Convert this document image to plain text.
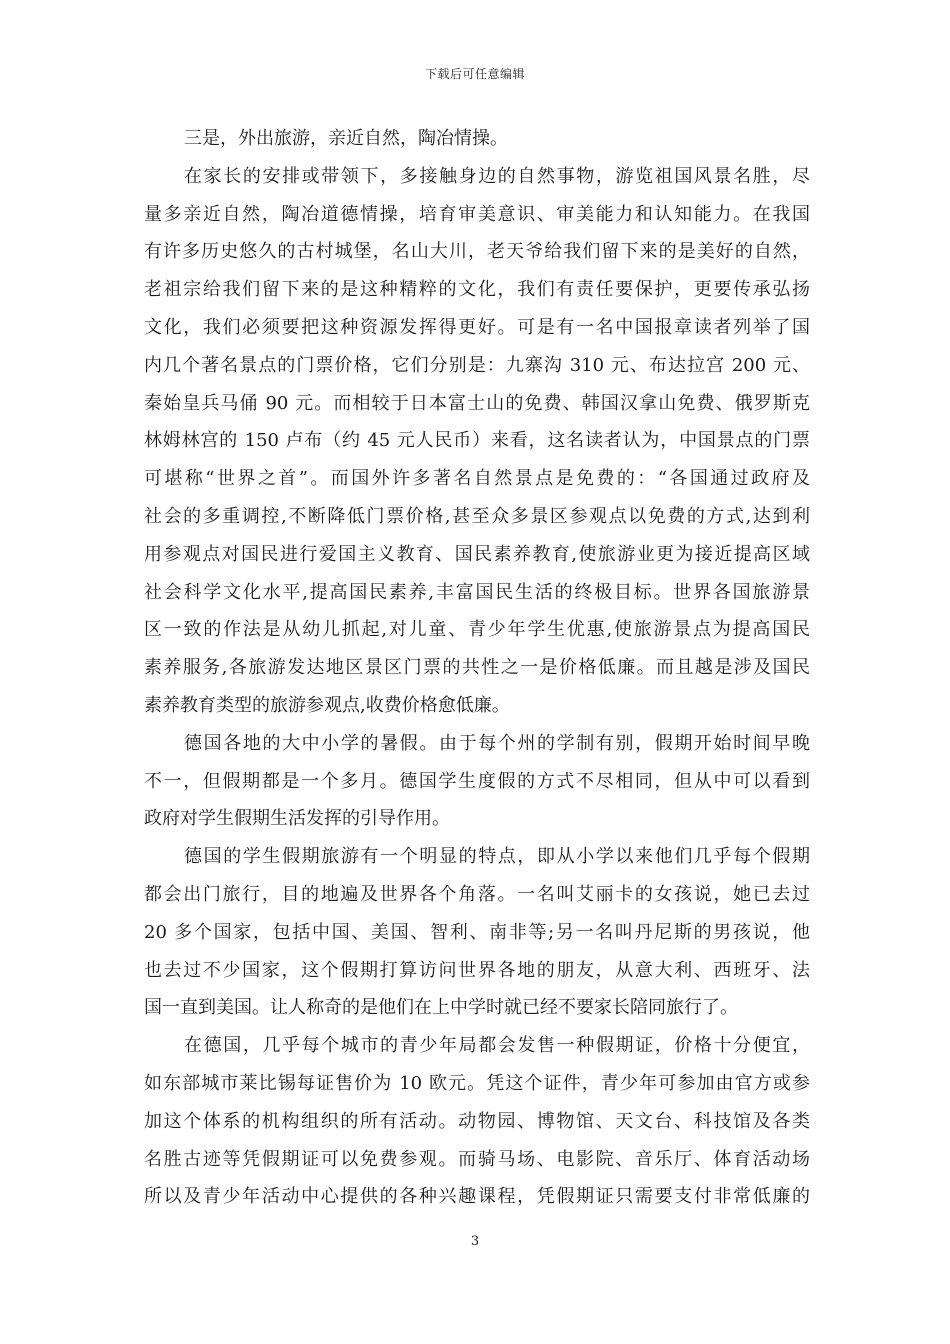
下载后可任意编辑
三是，外出旅游，亲近自然，陶冶情操。
在家长的安排或带领下，多接触身边的自然事物，游览祖国风景名胜，尽
量多亲近自然，陶冶道德情操，培育审美意识、审美能力和认知能力。在我国
有许多历史悠久的古村城堡，名山大川，老天爷给我们留下来的是美好的自然，
老祖宗给我们留下来的是这种精粹的文化，我们有责任要保护，更要传承弘扬
文化，我们必须要把这种资源发挥得更好。可是有一名中国报章读者列举了国
内几个著名景点的门票价格，它们分别是：九寨沟 310 元、布达拉宫 200 元、
秦始皇兵马俑 90 元。而相较于日本富士山的免费、韩国汉拿山免费、俄罗斯克
林姆林宫的 150 卢布（约 45 元人民币）来看，这名读者认为，中国景点的门票
可堪称“世界之首”。而国外许多著名自然景点是免费的：“各国通过政府及
社会的多重调控,不断降低门票价格,甚至众多景区参观点以免费的方式,达到利
用参观点对国民进行爱国主义教育、国民素养教育,使旅游业更为接近提高区域
社会科学文化水平,提高国民素养,丰富国民生活的终极目标。世界各国旅游景
区一致的作法是从幼儿抓起,对儿童、青少年学生优惠,使旅游景点为提高国民
素养服务,各旅游发达地区景区门票的共性之一是价格低廉。而且越是涉及国民
素养教育类型的旅游参观点,收费价格愈低廉。
德国各地的大中小学的暑假。由于每个州的学制有别，假期开始时间早晚
不一，但假期都是一个多月。德国学生度假的方式不尽相同，但从中可以看到
政府对学生假期生活发挥的引导作用。
德国的学生假期旅游有一个明显的特点，即从小学以来他们几乎每个假期
都会出门旅行，目的地遍及世界各个角落。一名叫艾丽卡的女孩说，她已去过
20 多个国家，包括中国、美国、智利、南非等;另一名叫丹尼斯的男孩说，他
也去过不少国家，这个假期打算访问世界各地的朋友，从意大利、西班牙、法
国一直到美国。让人称奇的是他们在上中学时就已经不要家长陪同旅行了。
在德国，几乎每个城市的青少年局都会发售一种假期证，价格十分便宜，
如东部城市莱比锡每证售价为 10 欧元。凭这个证件，青少年可参加由官方或参
加这个体系的机构组织的所有活动。动物园、博物馆、天文台、科技馆及各类
名胜古迹等凭假期证可以免费参观。而骑马场、电影院、音乐厅、体育活动场
所以及青少年活动中心提供的各种兴趣课程，凭假期证只需要支付非常低廉的
3
